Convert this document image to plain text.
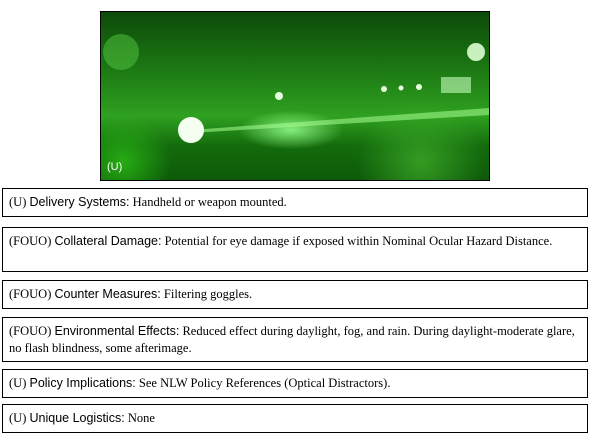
(U)
(U) Delivery Systems: Handheld or weapon mounted.
(FOUO) Collateral Damage: Potential for eye damage if exposed within Nominal Ocular Hazard Distance.
(FOUO) Counter Measures: Filtering goggles.
(FOUO) Environmental Effects: Reduced effect during daylight, fog, and rain. During daylight-moderate glare, no flash blindness, some afterimage.
(U) Policy Implications: See NLW Policy References (Optical Distractors).
(U) Unique Logistics: None
